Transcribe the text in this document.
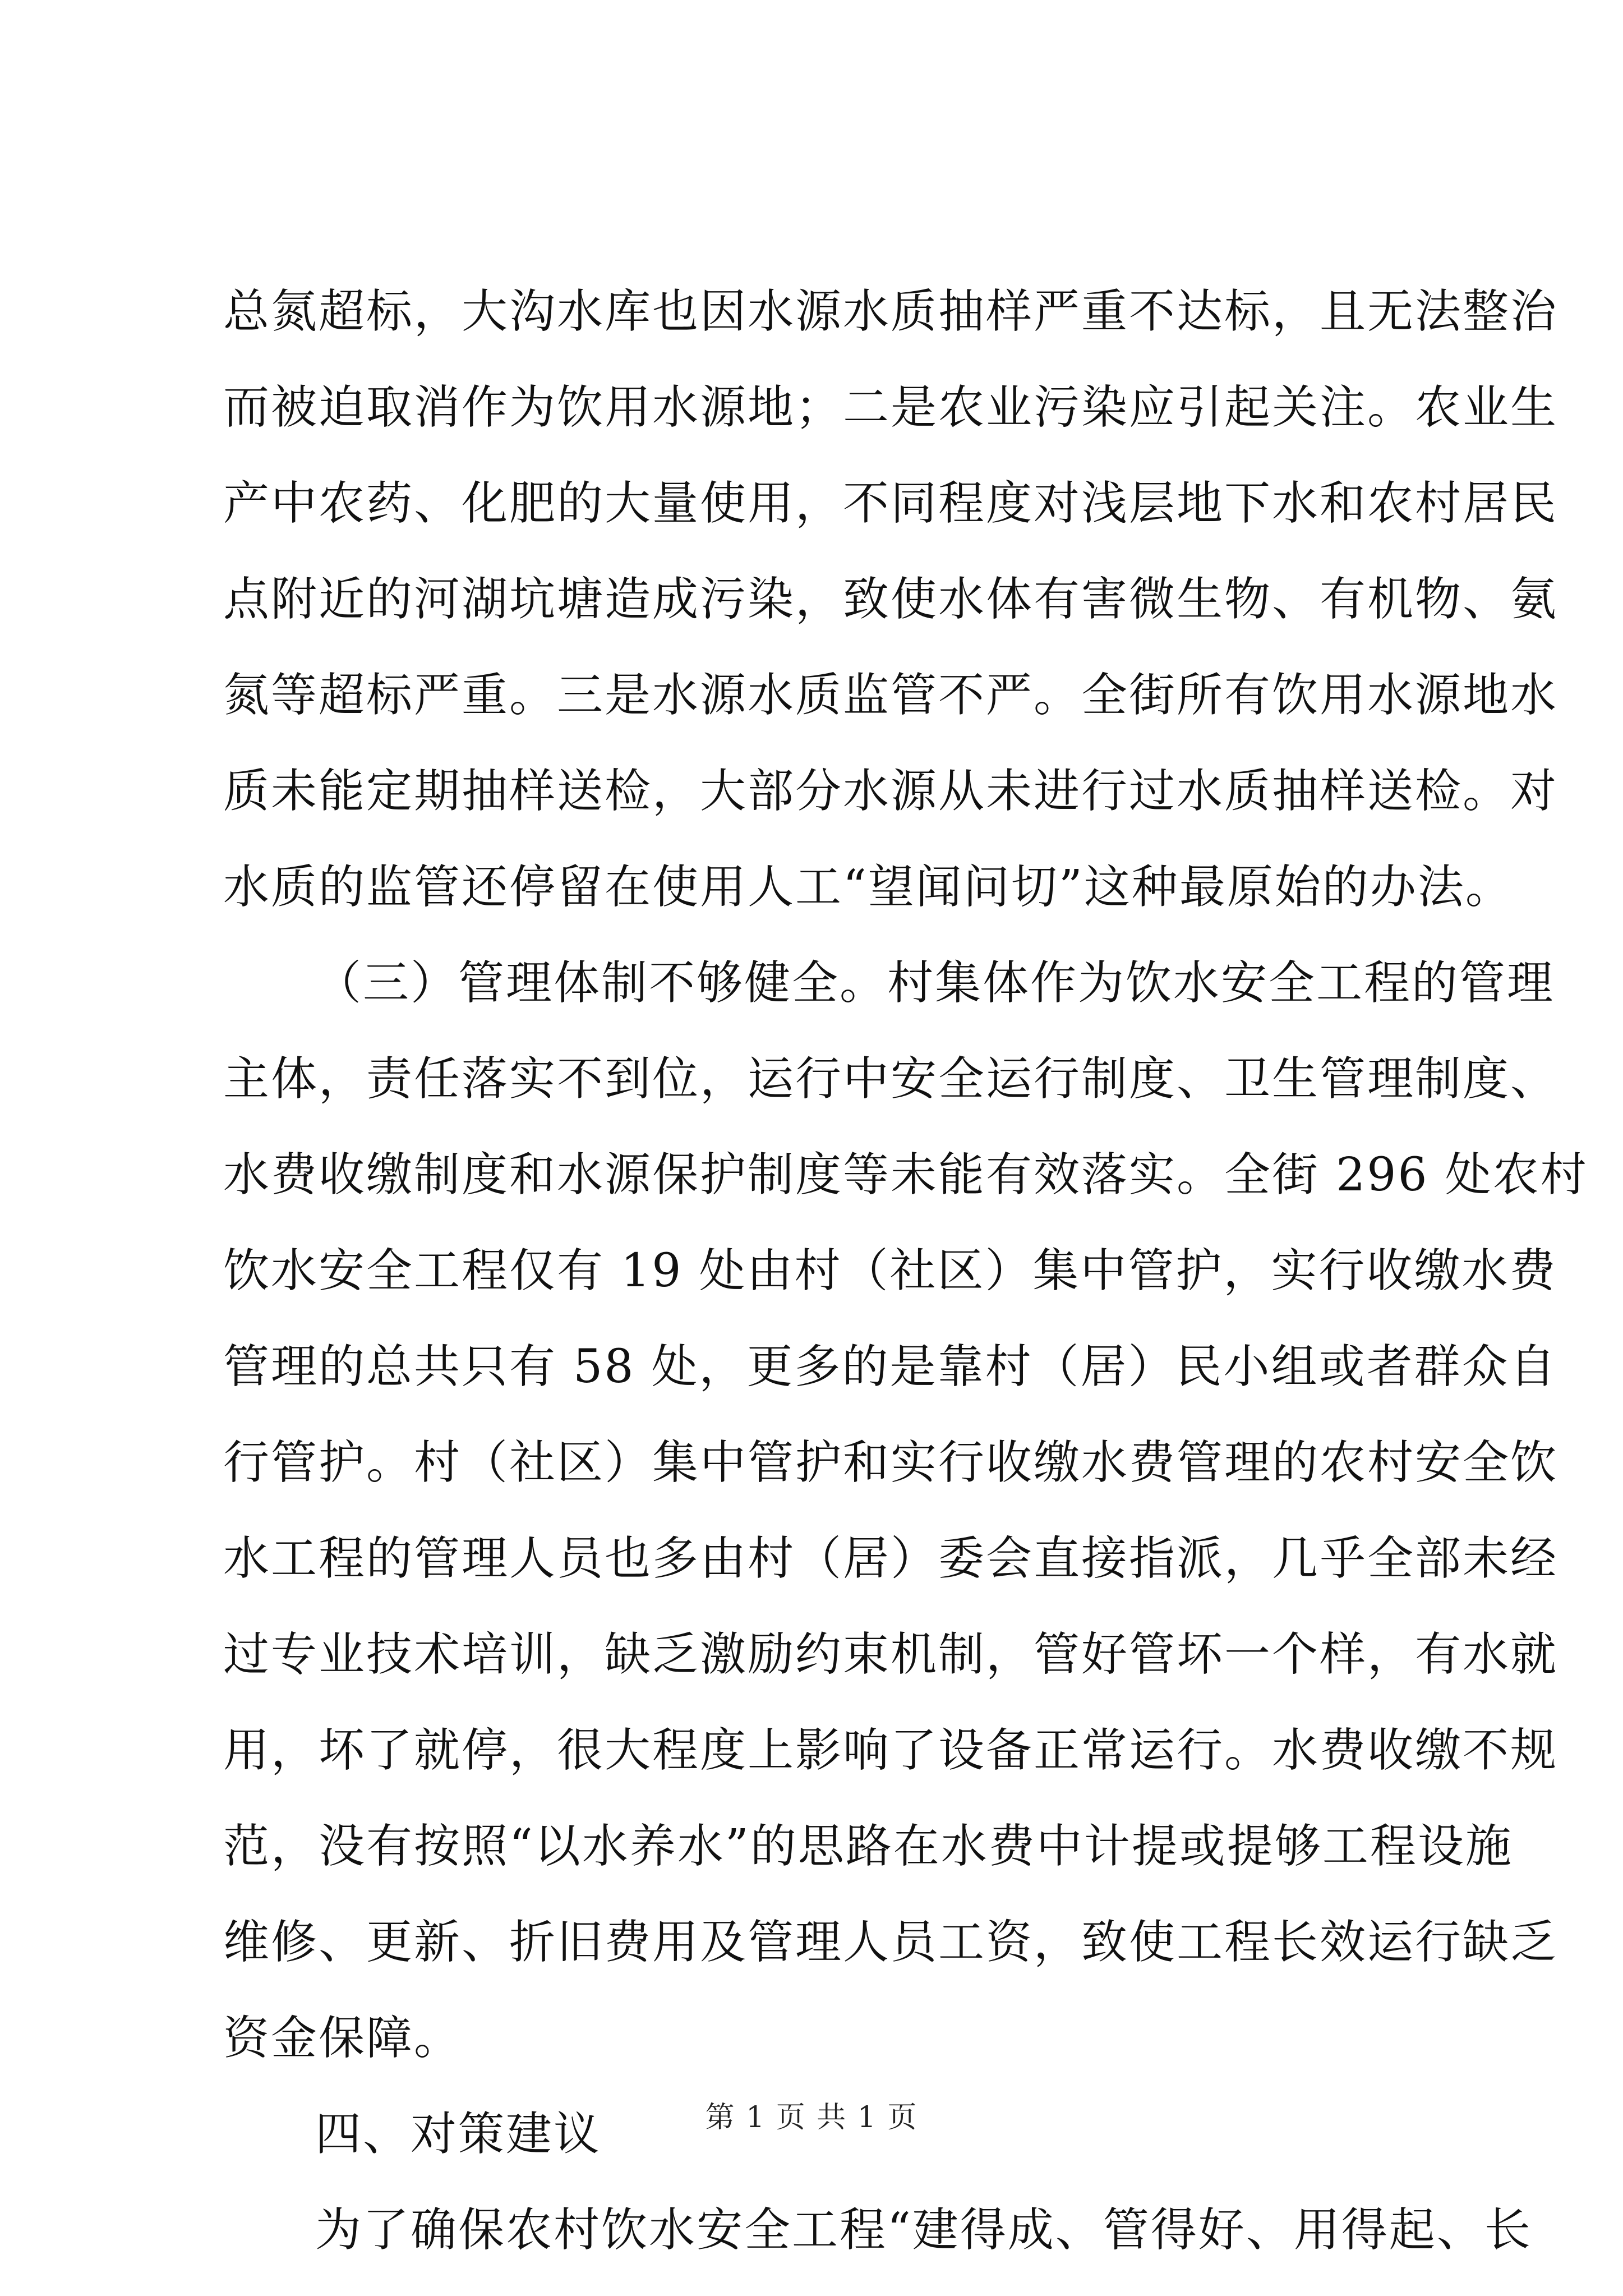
总氮超标，大沟水库也因水源水质抽样严重不达标，且无法整治
而被迫取消作为饮用水源地；二是农业污染应引起关注。农业生
产中农药、化肥的大量使用，不同程度对浅层地下水和农村居民
点附近的河湖坑塘造成污染，致使水体有害微生物、有机物、氨
氮等超标严重。三是水源水质监管不严。全街所有饮用水源地水
质未能定期抽样送检，大部分水源从未进行过水质抽样送检。对
水质的监管还停留在使用人工“望闻问切”这种最原始的办法。
（三）管理体制不够健全。村集体作为饮水安全工程的管理
主体，责任落实不到位，运行中安全运行制度、卫生管理制度、
水费收缴制度和水源保护制度等未能有效落实。全街 296 处农村
饮水安全工程仅有 19 处由村（社区）集中管护，实行收缴水费
管理的总共只有 58 处，更多的是靠村（居）民小组或者群众自
行管护。村（社区）集中管护和实行收缴水费管理的农村安全饮
水工程的管理人员也多由村（居）委会直接指派，几乎全部未经
过专业技术培训，缺乏激励约束机制，管好管坏一个样，有水就
用，坏了就停，很大程度上影响了设备正常运行。水费收缴不规
范，没有按照“以水养水”的思路在水费中计提或提够工程设施
维修、更新、折旧费用及管理人员工资，致使工程长效运行缺乏
资金保障。
四、对策建议
为了确保农村饮水安全工程“建得成、管得好、用得起、长
第 1 页 共 1 页
